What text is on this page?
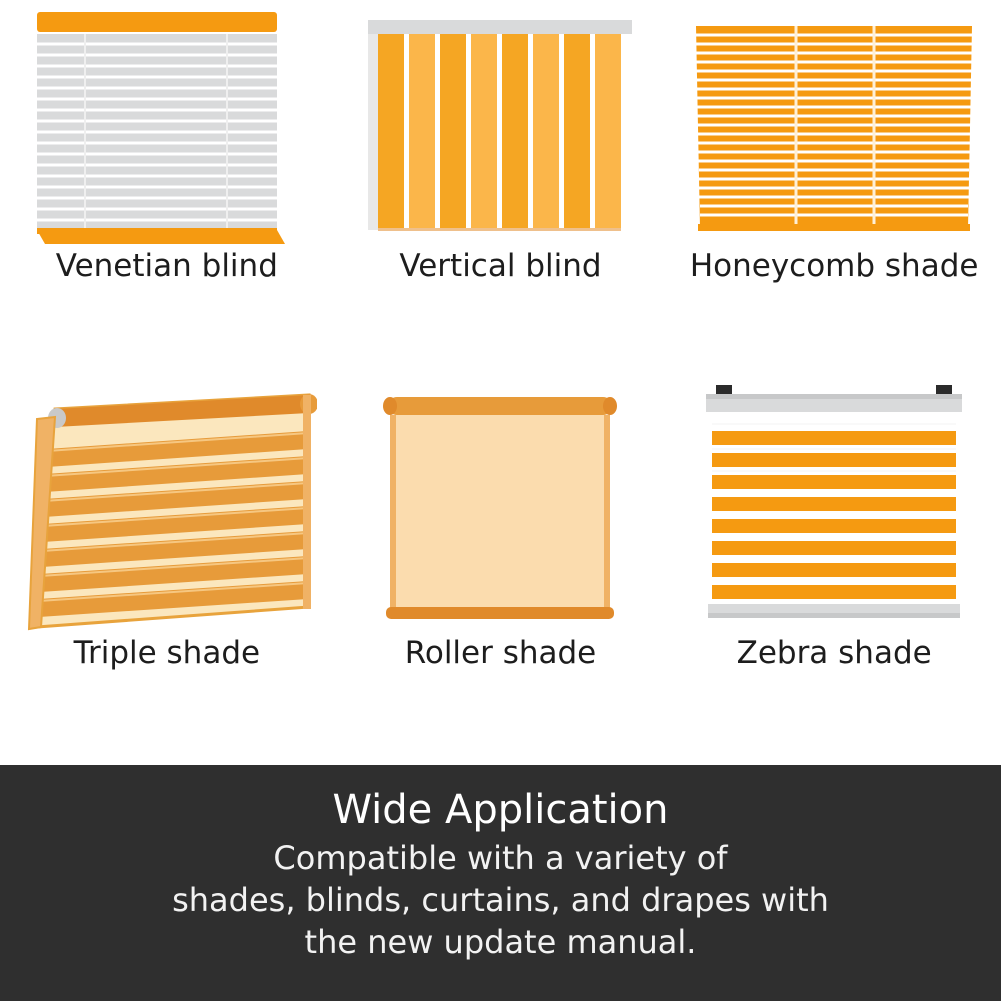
Venetian blind	Vertical blind	Honeycomb shade
Triple shade	Roller shade	Zebra shade
Wide Application
Compatible with a variety of
shades, blinds, curtains, and drapes with
the new update manual.
